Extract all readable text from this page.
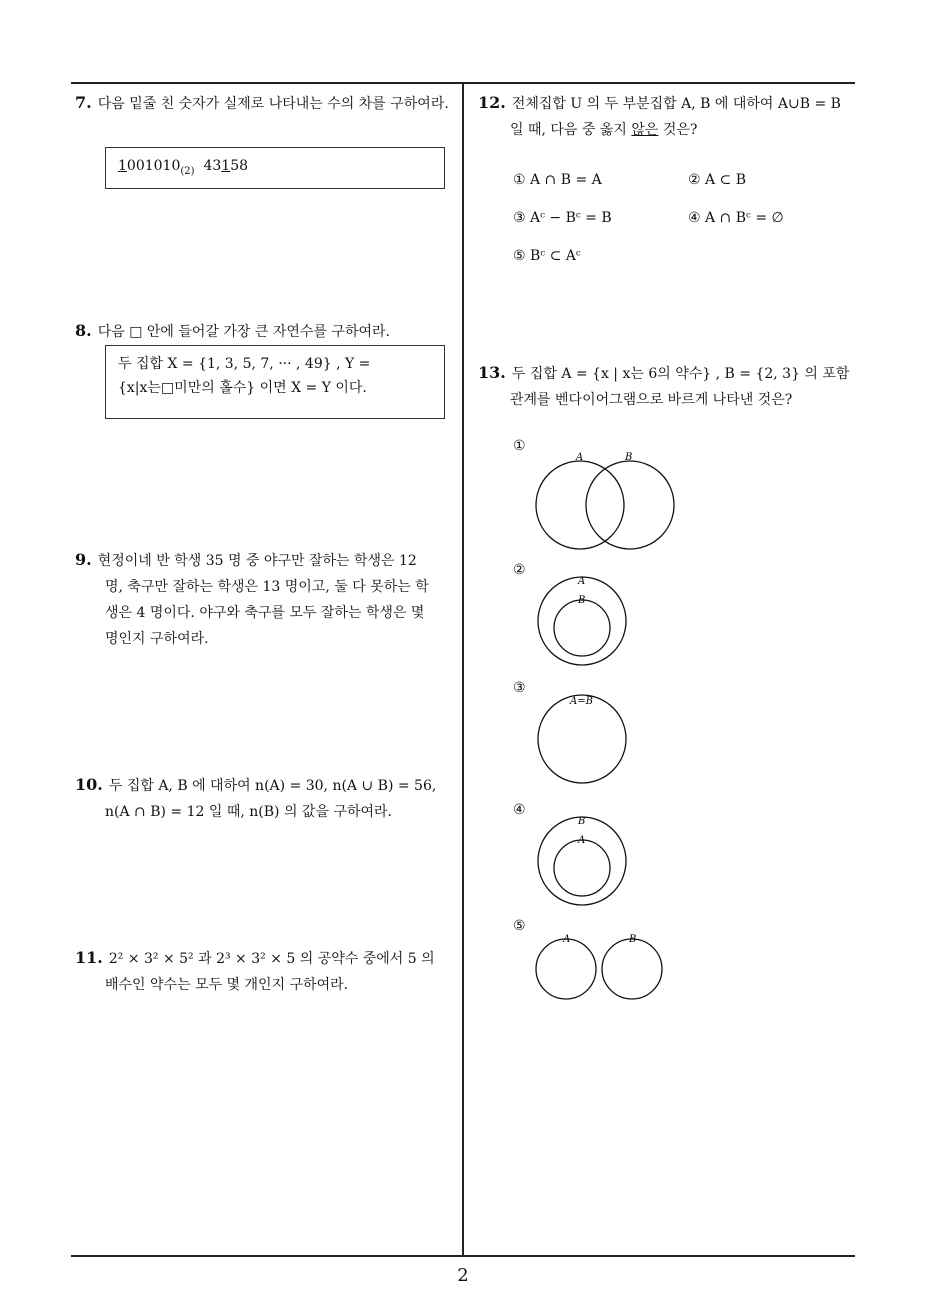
7. 다음 밑줄 친 숫자가 실제로 나타내는 수의 차를 구하여라.
$1001010_{(2)}$ 43158
8. 다음 □ 안에 들어갈 가장 큰 자연수를 구하여라.
두 집합 X = {1, 3, 5, 7, ··· , 49} , Y =
{x|x는□미만의 홀수} 이면 X = Y 이다.
9. 현정이네 반 학생 35 명 중 야구만 잘하는 학생은 12
명, 축구만 잘하는 학생은 13 명이고, 둘 다 못하는 학
생은 4 명이다. 야구와 축구를 모두 잘하는 학생은 몇
명인지 구하여라.
10. 두 집합 A, B 에 대하여 n(A) = 30, n(A ∪ B) = 56,
n(A ∩ B) = 12 일 때, n(B) 의 값을 구하여라.
11. 2² × 3² × 5² 과 2³ × 3² × 5 의 공약수 중에서 5 의
배수인 약수는 모두 몇 개인지 구하여라.
12. 전체집합 U 의 두 부분집합 A, B 에 대하여 A∪B = B
일 때, 다음 중 옳지 않은 것은?
① A ∩ B = A	② A ⊂ B
③ Aᶜ − Bᶜ = B	④ A ∩ Bᶜ = ∅
⑤ Bᶜ ⊂ Aᶜ
13. 두 집합 A = {x | x는 6의 약수} , B = {2, 3} 의 포함
관계를 벤다이어그램으로 바르게 나타낸 것은?
①
A	B
②
A
B
③
A=B
④
B
A
⑤
A	B
2
